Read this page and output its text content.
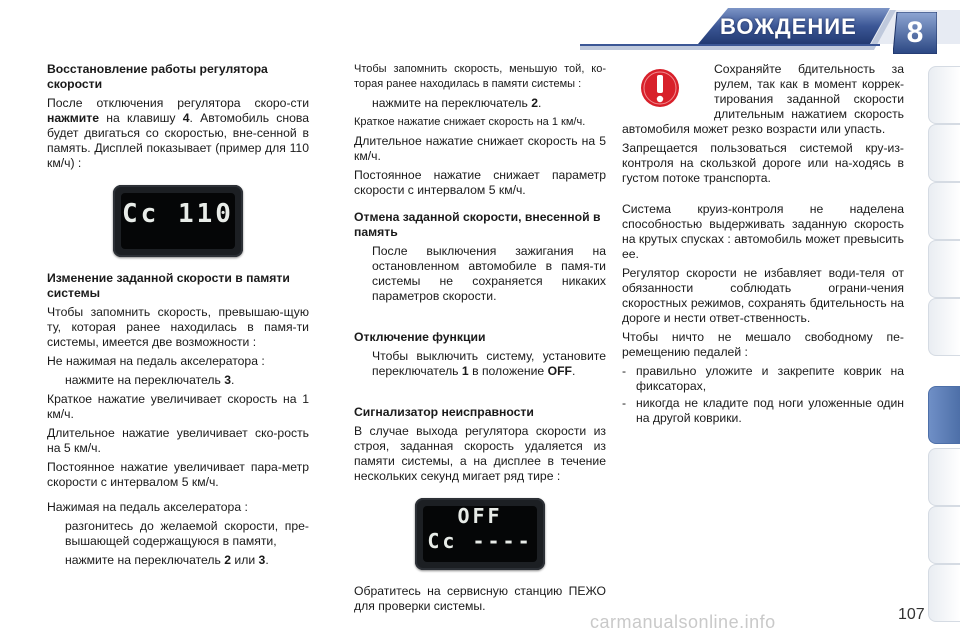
ВОЖДЕНИЕ	8
Восстановление работы регулятора скорости

После отключения регулятора скоро-сти нажмите на клавишу 4. Автомобиль снова будет двигаться со скоростью, вне-сенной в память. Дисплей показывает (пример для 110 км/ч) :

Cc 110
Изменение заданной скорости в памяти системы

Чтобы запомнить скорость, превышаю-щую ту, которая ранее находилась в памя-ти системы, имеется две возможности :

Не нажимая на педаль акселератора :

нажмите на переключатель 3.

Краткое нажатие увеличивает скорость на 1 км/ч.

Длительное нажатие увеличивает ско-рость на 5 км/ч.

Постоянное нажатие увеличивает пара-метр скорости с интервалом 5 км/ч.

Нажимая на педаль акселератора :

разгонитесь до желаемой скорости, пре-вышающей содержащуюся в памяти,
нажмите на переключатель 2 или 3.

Чтобы запомнить скорость, меньшую той, ко-торая ранее находилась в памяти системы :

нажмите на переключатель 2.

Краткое нажатие снижает скорость на 1 км/ч.

Длительное нажатие снижает скорость на 5 км/ч.

Постоянное нажатие снижает параметр скорости с интервалом 5 км/ч.

Отмена заданной скорости, внесенной в память
После выключения зажигания на остановленном автомобиле в памя-ти системы не сохраняется никаких параметров скорости.
Отключение функции
Чтобы выключить систему, установите переключатель 1 в положение OFF.
Сигнализатор неисправности

В случае выхода регулятора скорости из строя, заданная скорость удаляется из памяти системы, а на дисплее в течение нескольких секунд мигает ряд тире :

OFF
Cc ----

Обратитесь на сервисную станцию ПЕЖО для проверки системы.

Сохраняйте бдительность за рулем, так как в момент коррек-тирования заданной скорости длительным нажатием скорость автомобиля может резко возрасти или упасть.

Запрещается пользоваться системой кру-из-контроля на скользкой дороге или на-ходясь в густом потоке транспорта.

Система круиз-контроля не наделена способностью выдерживать заданную скорость на крутых спусках : автомобиль может превысить ее.

Регулятор скорости не избавляет води-теля от обязанности соблюдать ограни-чения скоростных режимов, сохранять бдительность на дороге и нести ответ-ственность.

Чтобы ничто не мешало свободному пе-ремещению педалей :

- правильно уложите и закрепите коврик на фиксаторах,
- никогда не кладите под ноги уложенные один на другой коврики.
carmanualsonline.info	107
